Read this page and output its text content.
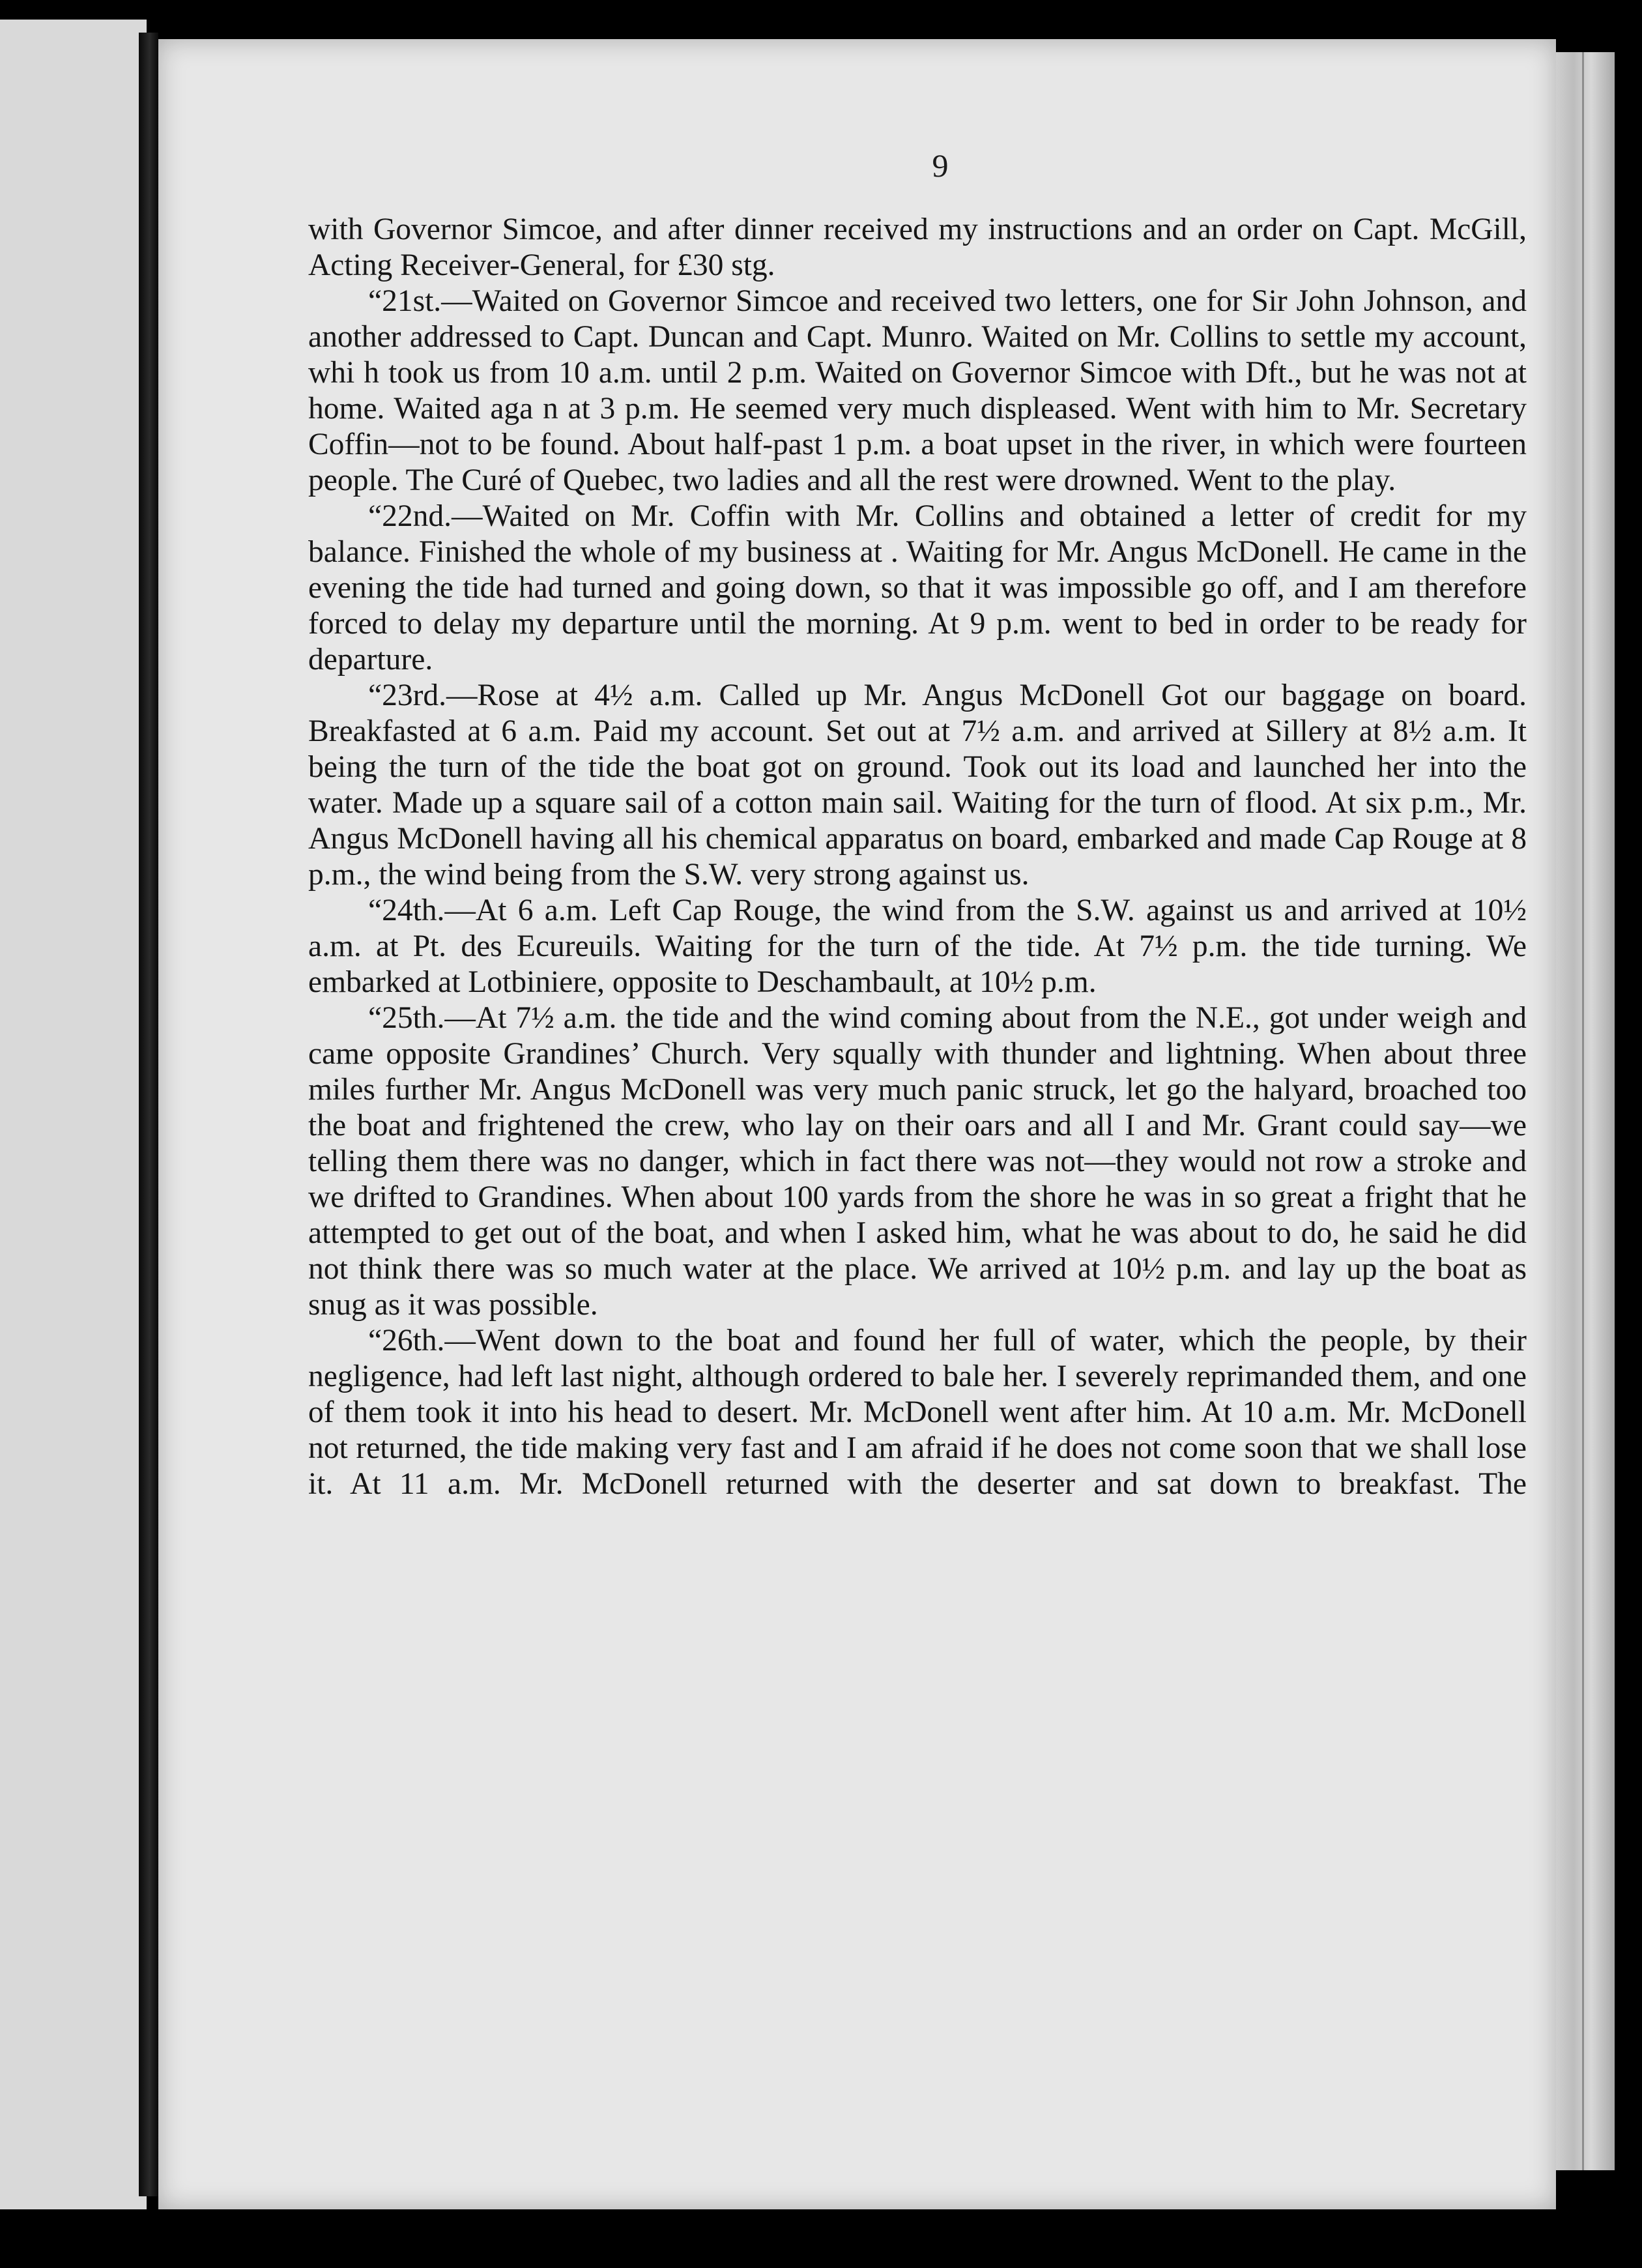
9

with Governor Simcoe, and after dinner received my instructions and an order on Capt. McGill, Acting Receiver-General, for £30 stg.

“21st.—Waited on Governor Simcoe and received two letters, one for Sir John Johnson, and another addressed to Capt. Duncan and Capt. Munro. Waited on Mr. Collins to settle my account, whi h took us from 10 a.m. until 2 p.m. Waited on Governor Simcoe with Dft., but he was not at home. Waited aga n at 3 p.m. He seemed very much displeased. Went with him to Mr. Secretary Coffin—not to be found. About half-past 1 p.m. a boat upset in the river, in which were fourteen people. The Curé of Quebec, two ladies and all the rest were drowned. Went to the play.

“22nd.—Waited on Mr. Coffin with Mr. Collins and obtained a letter of credit for my balance. Finished the whole of my business at . Waiting for Mr. Angus McDonell. He came in the evening the tide had turned and going down, so that it was impossible go off, and I am therefore forced to delay my departure until the morning. At 9 p.m. went to bed in order to be ready for departure.

“23rd.—Rose at 4½ a.m. Called up Mr. Angus McDonell Got our baggage on board. Breakfasted at 6 a.m. Paid my account. Set out at 7½ a.m. and arrived at Sillery at 8½ a.m. It being the turn of the tide the boat got on ground. Took out its load and launched her into the water. Made up a square sail of a cotton main sail. Waiting for the turn of flood. At six p.m., Mr. Angus McDonell having all his chemical apparatus on board, embarked and made Cap Rouge at 8 p.m., the wind being from the S.W. very strong against us.

“24th.—At 6 a.m. Left Cap Rouge, the wind from the S.W. against us and arrived at 10½ a.m. at Pt. des Ecureuils. Waiting for the turn of the tide. At 7½ p.m. the tide turning. We embarked at Lotbiniere, opposite to Deschambault, at 10½ p.m.

“25th.—At 7½ a.m. the tide and the wind coming about from the N.E., got under weigh and came opposite Grandines’ Church. Very squally with thunder and lightning. When about three miles further Mr. Angus McDonell was very much panic struck, let go the halyard, broached too the boat and frightened the crew, who lay on their oars and all I and Mr. Grant could say—we telling them there was no danger, which in fact there was not—they would not row a stroke and we drifted to Grandines. When about 100 yards from the shore he was in so great a fright that he attempted to get out of the boat, and when I asked him, what he was about to do, he said he did not think there was so much water at the place. We arrived at 10½ p.m. and lay up the boat as snug as it was possible.

“26th.—Went down to the boat and found her full of water, which the people, by their negligence, had left last night, although ordered to bale her. I severely reprimanded them, and one of them took it into his head to desert. Mr. McDonell went after him. At 10 a.m. Mr. McDonell not returned, the tide making very fast and I am afraid if he does not come soon that we shall lose it. At 11 a.m. Mr. McDonell returned with the deserter and sat down to breakfast. The
